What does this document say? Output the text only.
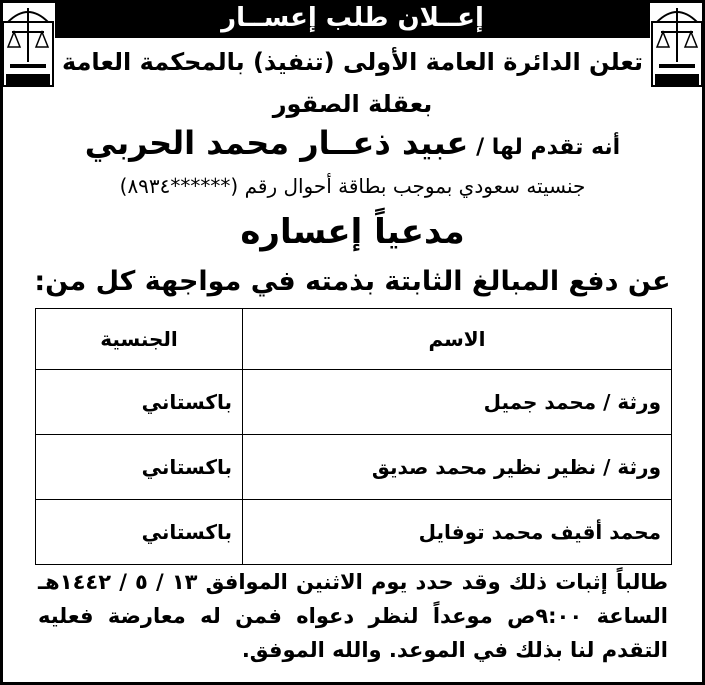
إعــلان طلب إعســار
تعلن الدائرة العامة الأولى (تنفيذ) بالمحكمة العامة
بعقلة الصقور
أنه تقدم لها / عبيد ذعــار محمد الحربي
جنسيته سعودي بموجب بطاقة أحوال رقم (******٨٩٣٤)
مدعياً إعساره
عن دفع المبالغ الثابتة بذمته في مواجهة كل من:
الاسم	الجنسية
ورثة / محمد جميل	باكستاني
ورثة / نظير نظير محمد صديق	باكستاني
محمد أقيف محمد توفايل	باكستاني
طالباً إثبات ذلك وقد حدد يوم الاثنين الموافق ١٣ / ٥ / ١٤٤٢هـ
الساعة ٩:٠٠ص موعداً لنظر دعواه فمن له معارضة فعليه
التقدم لنا بذلك في الموعد. والله الموفق.
